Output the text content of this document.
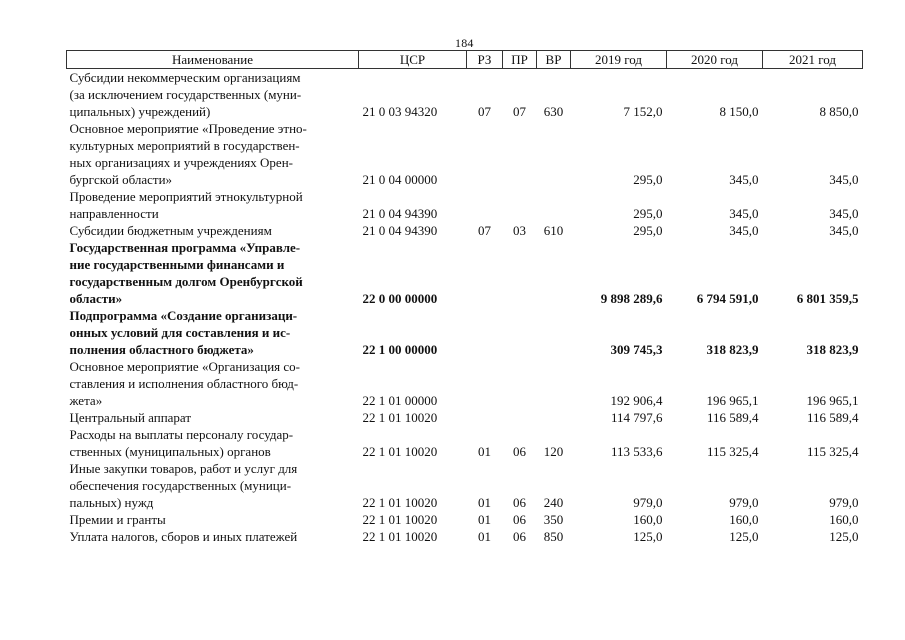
184
Наименование	ЦСР	РЗ	ПР	ВР	2019 год	2020 год	2021 год

Субсидии некоммерческим организациям
(за исключением государственных (муни-
ципальных) учреждений)	21 0 03 94320	07	07	630	7 152,0	8 150,0	8 850,0

Основное мероприятие «Проведение этно-
культурных мероприятий в государствен-
ных организациях и учреждениях Орен-
бургской области»	21 0 04 00000				295,0	345,0	345,0

Проведение мероприятий этнокультурной
направленности	21 0 04 94390				295,0	345,0	345,0

Субсидии бюджетным учреждениям	21 0 04 94390	07	03	610	295,0	345,0	345,0

Государственная программа «Управле-
ние государственными финансами и
государственным долгом Оренбургской
области»	22 0 00 00000				9 898 289,6	6 794 591,0	6 801 359,5

Подпрограмма «Создание организаци-
онных условий для составления и ис-
полнения областного бюджета»	22 1 00 00000				309 745,3	318 823,9	318 823,9

Основное мероприятие «Организация со-
ставления и исполнения областного бюд-
жета»	22 1 01 00000				192 906,4	196 965,1	196 965,1

Центральный аппарат	22 1 01 10020				114 797,6	116 589,4	116 589,4

Расходы на выплаты персоналу государ-
ственных (муниципальных) органов	22 1 01 10020	01	06	120	113 533,6	115 325,4	115 325,4

Иные закупки товаров, работ и услуг для
обеспечения государственных (муници-
пальных) нужд	22 1 01 10020	01	06	240	979,0	979,0	979,0

Премии и гранты	22 1 01 10020	01	06	350	160,0	160,0	160,0

Уплата налогов, сборов и иных платежей	22 1 01 10020	01	06	850	125,0	125,0	125,0
